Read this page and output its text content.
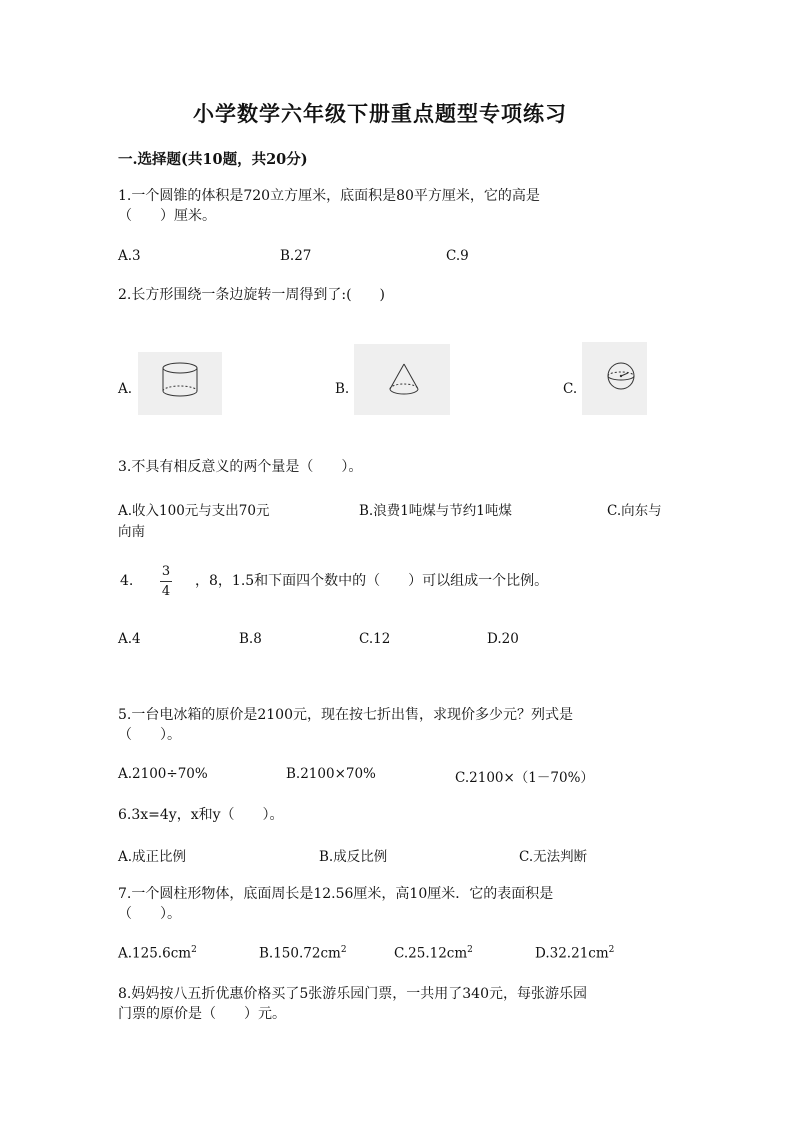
小学数学六年级下册重点题型专项练习
一.选择题(共10题，共20分)
1.一个圆锥的体积是720立方厘米，底面积是80平方厘米，它的高是
（　　）厘米。
A.3	B.27	C.9
2.长方形围绕一条边旋转一周得到了:(　　)
A.	B.	C.
3.不具有相反意义的两个量是（　　）。
A.收入100元与支出70元	B.浪费1吨煤与节约1吨煤	C.向东与
向南
4.
3
4
，8，1.5和下面四个数中的（　　）可以组成一个比例。
A.4	B.8	C.12	D.20
5.一台电冰箱的原价是2100元，现在按七折出售，求现价多少元？列式是
（　　）。
A.2100÷70%	B.2100×70%	C.2100×（1－70%）
6.3x=4y，x和y（　　）。
A.成正比例	B.成反比例	C.无法判断
7.一个圆柱形物体，底面周长是12.56厘米，高10厘米．它的表面积是
（　　）。
$A.125.6cm^2$	$B.150.72cm^2$	$C.25.12cm^2$	$D.32.21cm^2$
8.妈妈按八五折优惠价格买了5张游乐园门票，一共用了340元，每张游乐园
门票的原价是（　　）元。
